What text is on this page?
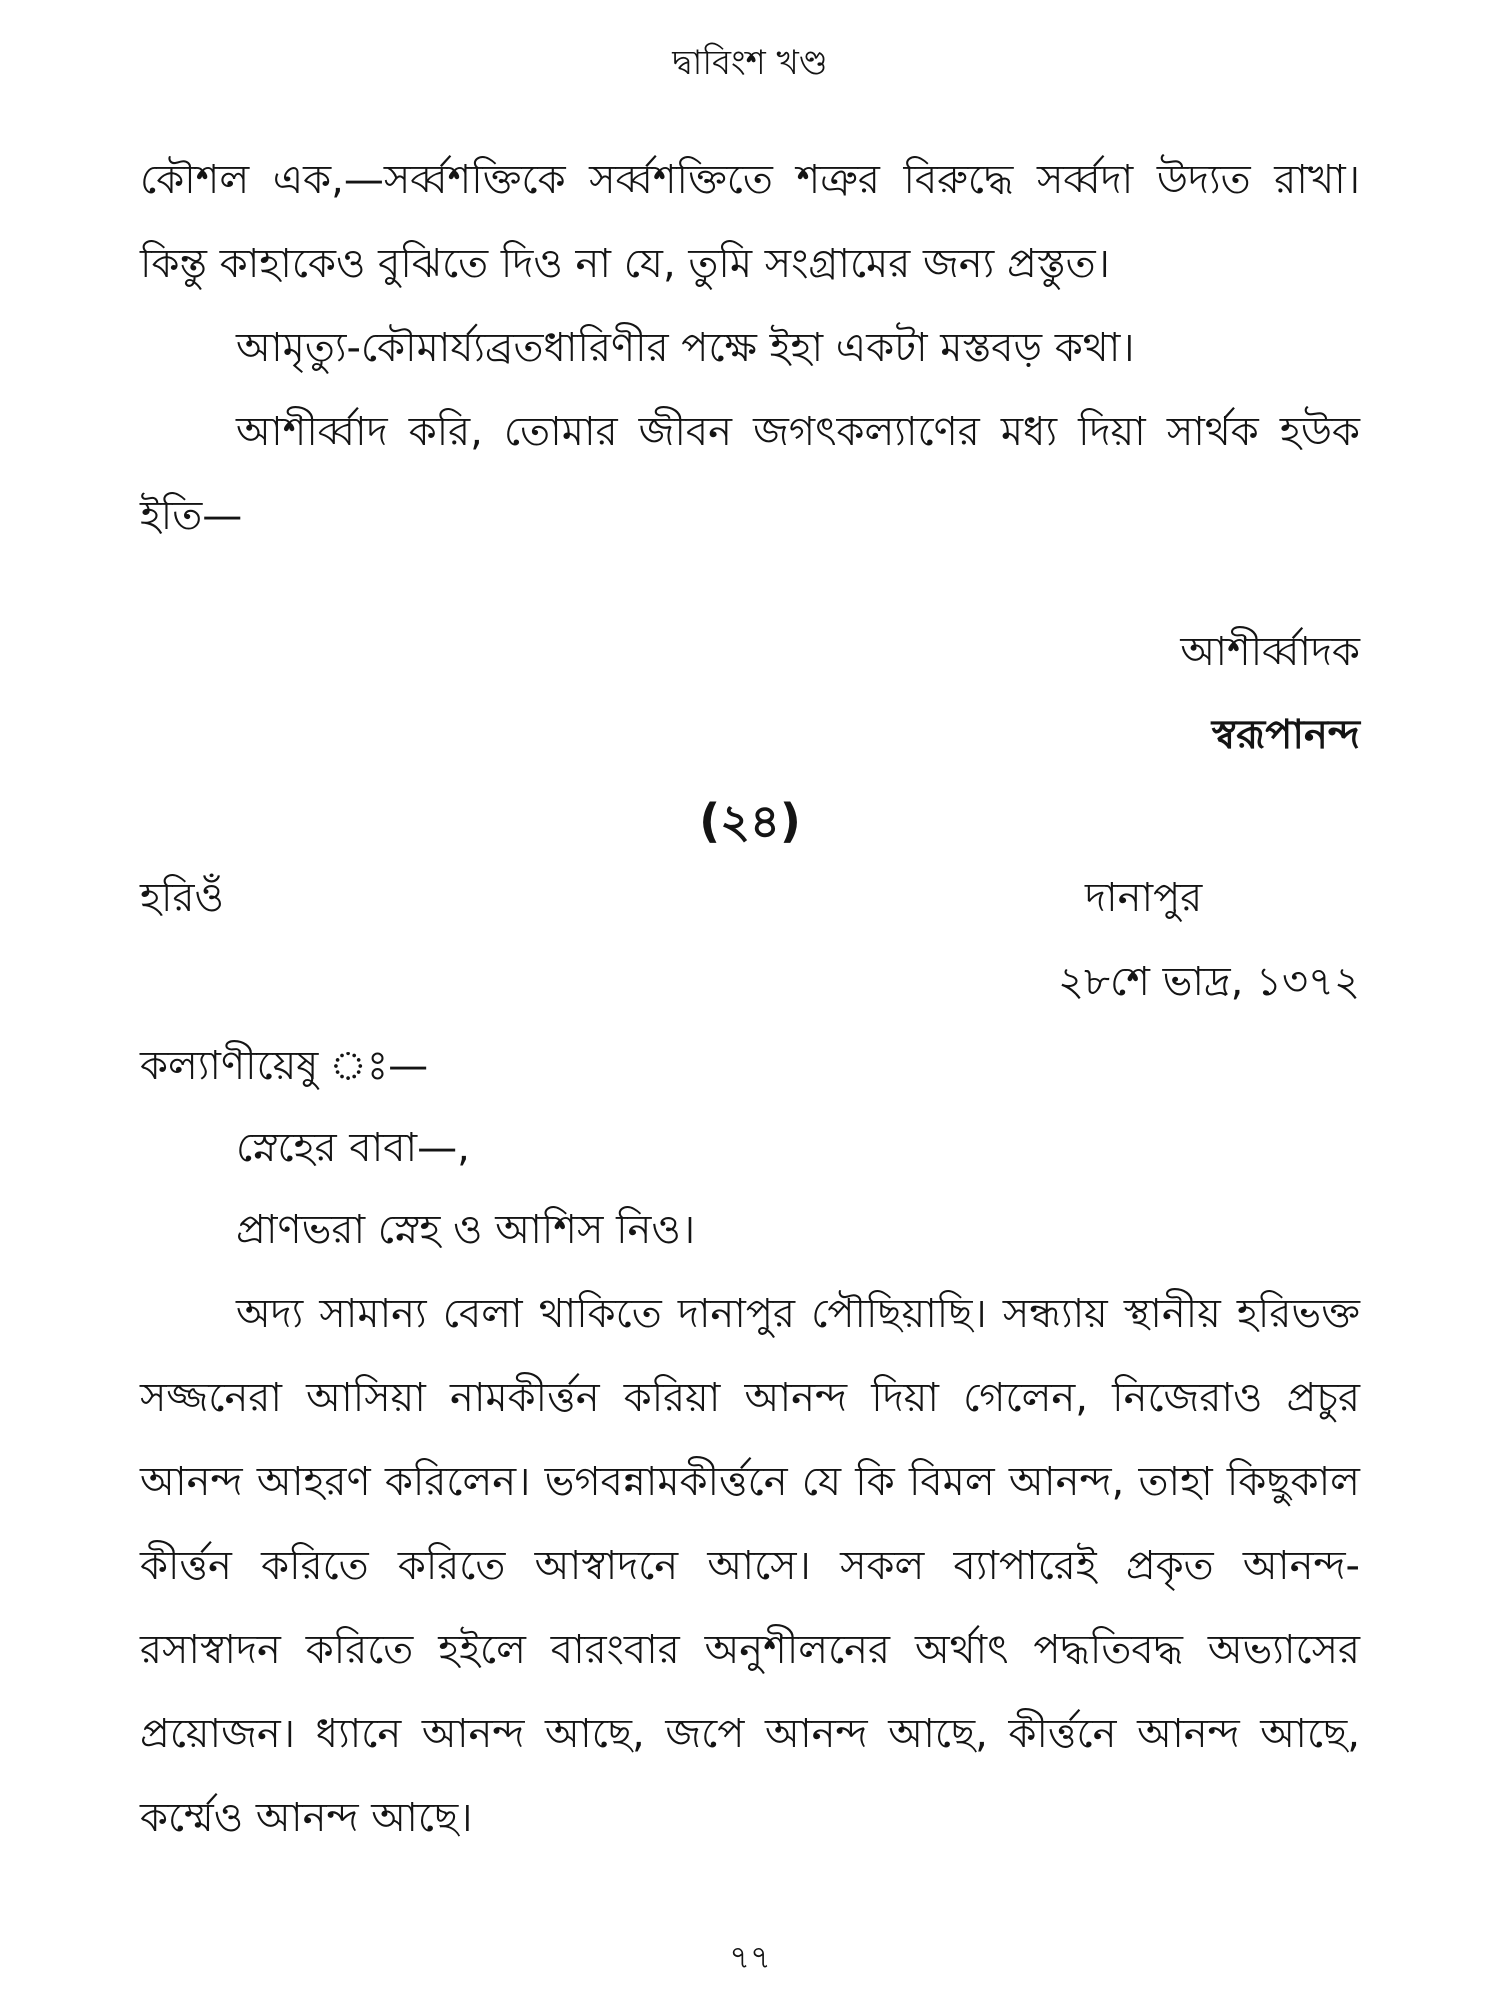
দ্বাবিংশ খণ্ড

কৌশল এক,—সর্ব্বশক্তিকে সর্ব্বশক্তিতে শত্রুর বিরুদ্ধে সর্ব্বদা উদ্যত রাখা। কিন্তু কাহাকেও বুঝিতে দিও না যে, তুমি সংগ্রামের জন্য প্রস্তুত।

আমৃত্যু-কৌমার্য্যব্রতধারিণীর পক্ষে ইহা একটা মস্তবড় কথা।

আশীর্ব্বাদ করি, তোমার জীবন জগৎকল্যাণের মধ্য দিয়া সার্থক হউক ইতি—

আশীর্ব্বাদক
স্বরূপানন্দ
(২৪)
হরিওঁ	দানাপুর
২৮শে ভাদ্র, ১৩৭২
কল্যাণীয়েষু ঃ—
স্নেহের বাবা—,
প্রাণভরা স্নেহ ও আশিস নিও।

অদ্য সামান্য বেলা থাকিতে দানাপুর পৌছিয়াছি। সন্ধ্যায় স্থানীয় হরিভক্ত সজ্জনেরা আসিয়া নামকীর্ত্তন করিয়া আনন্দ দিয়া গেলেন, নিজেরাও প্রচুর আনন্দ আহরণ করিলেন। ভগবন্নামকীর্ত্তনে যে কি বিমল আনন্দ, তাহা কিছুকাল কীর্ত্তন করিতে করিতে আস্বাদনে আসে। সকল ব্যাপারেই প্রকৃত আনন্দ-রসাস্বাদন করিতে হইলে বারংবার অনুশীলনের অর্থাৎ পদ্ধতিবদ্ধ অভ্যাসের প্রয়োজন। ধ্যানে আনন্দ আছে, জপে আনন্দ আছে, কীর্ত্তনে আনন্দ আছে, কর্ম্মেও আনন্দ আছে।

৭৭
